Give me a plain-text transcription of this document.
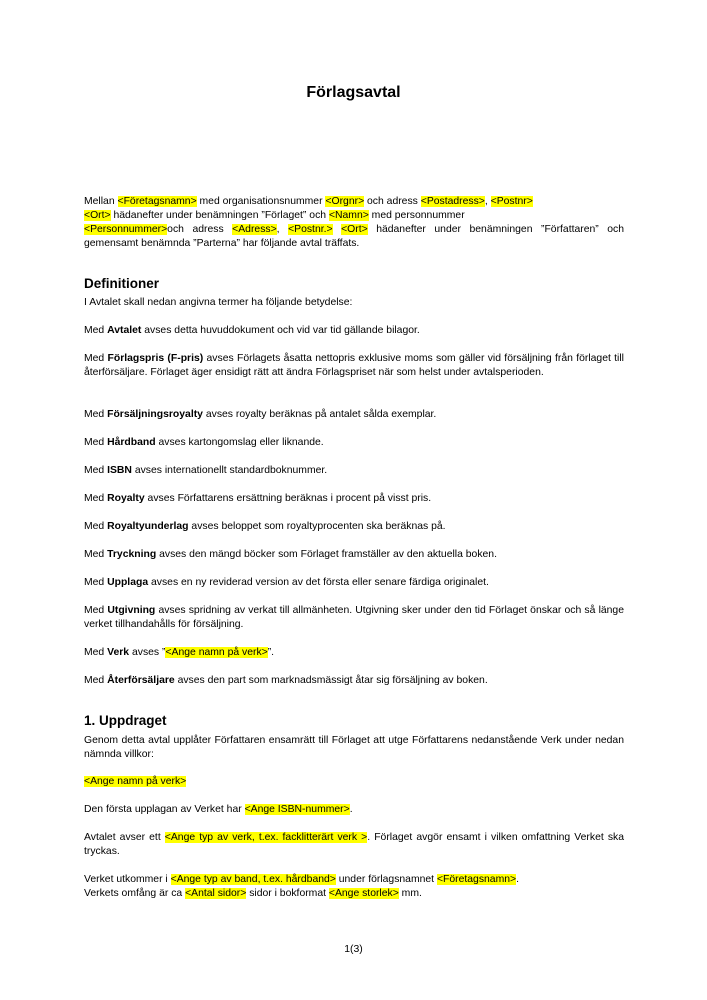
Förlagsavtal
Mellan <Företagsnamn> med organisationsnummer <Orgnr> och adress <Postadress>, <Postnr>
<Ort> hädanefter under benämningen ”Förlaget” och <Namn> med personnummer
<Personnummer>och adress <Adress>, <Postnr.> <Ort> hädanefter under benämningen ”Författaren” och gemensamt benämnda ”Parterna” har följande avtal träffats.
Definitioner
I Avtalet skall nedan angivna termer ha följande betydelse:
Med Avtalet avses detta huvuddokument och vid var tid gällande bilagor.
Med Förlagspris (F-pris) avses Förlagets åsatta nettopris exklusive moms som gäller vid försäljning från förlaget till återförsäljare. Förlaget äger ensidigt rätt att ändra Förlagspriset när som helst under avtalsperioden.
Med Försäljningsroyalty avses royalty beräknas på antalet sålda exemplar.
Med Hårdband avses kartongomslag eller liknande.
Med ISBN avses internationellt standardboknummer.
Med Royalty avses Författarens ersättning beräknas i procent på visst pris.
Med Royaltyunderlag avses beloppet som royaltyprocenten ska beräknas på.
Med Tryckning avses den mängd böcker som Förlaget framställer av den aktuella boken.
Med Upplaga avses en ny reviderad version av det första eller senare färdiga originalet.
Med Utgivning avses spridning av verkat till allmänheten. Utgivning sker under den tid Förlaget önskar och så länge verket tillhandahålls för försäljning.
Med Verk avses ”<Ange namn på verk>”.
Med Återförsäljare avses den part som marknadsmässigt åtar sig försäljning av boken.
1. Uppdraget
Genom detta avtal upplåter Författaren ensamrätt till Förlaget att utge Författarens nedanstående Verk under nedan nämnda villkor:
<Ange namn på verk>
Den första upplagan av Verket har <Ange ISBN-nummer>.
Avtalet avser ett <Ange typ av verk, t.ex. facklitterärt verk >. Förlaget avgör ensamt i vilken omfattning Verket ska tryckas.
Verket utkommer i <Ange typ av band, t.ex. hårdband> under förlagsnamnet <Företagsnamn>.
Verkets omfång är ca <Antal sidor> sidor i bokformat <Ange storlek> mm.
1(3)
